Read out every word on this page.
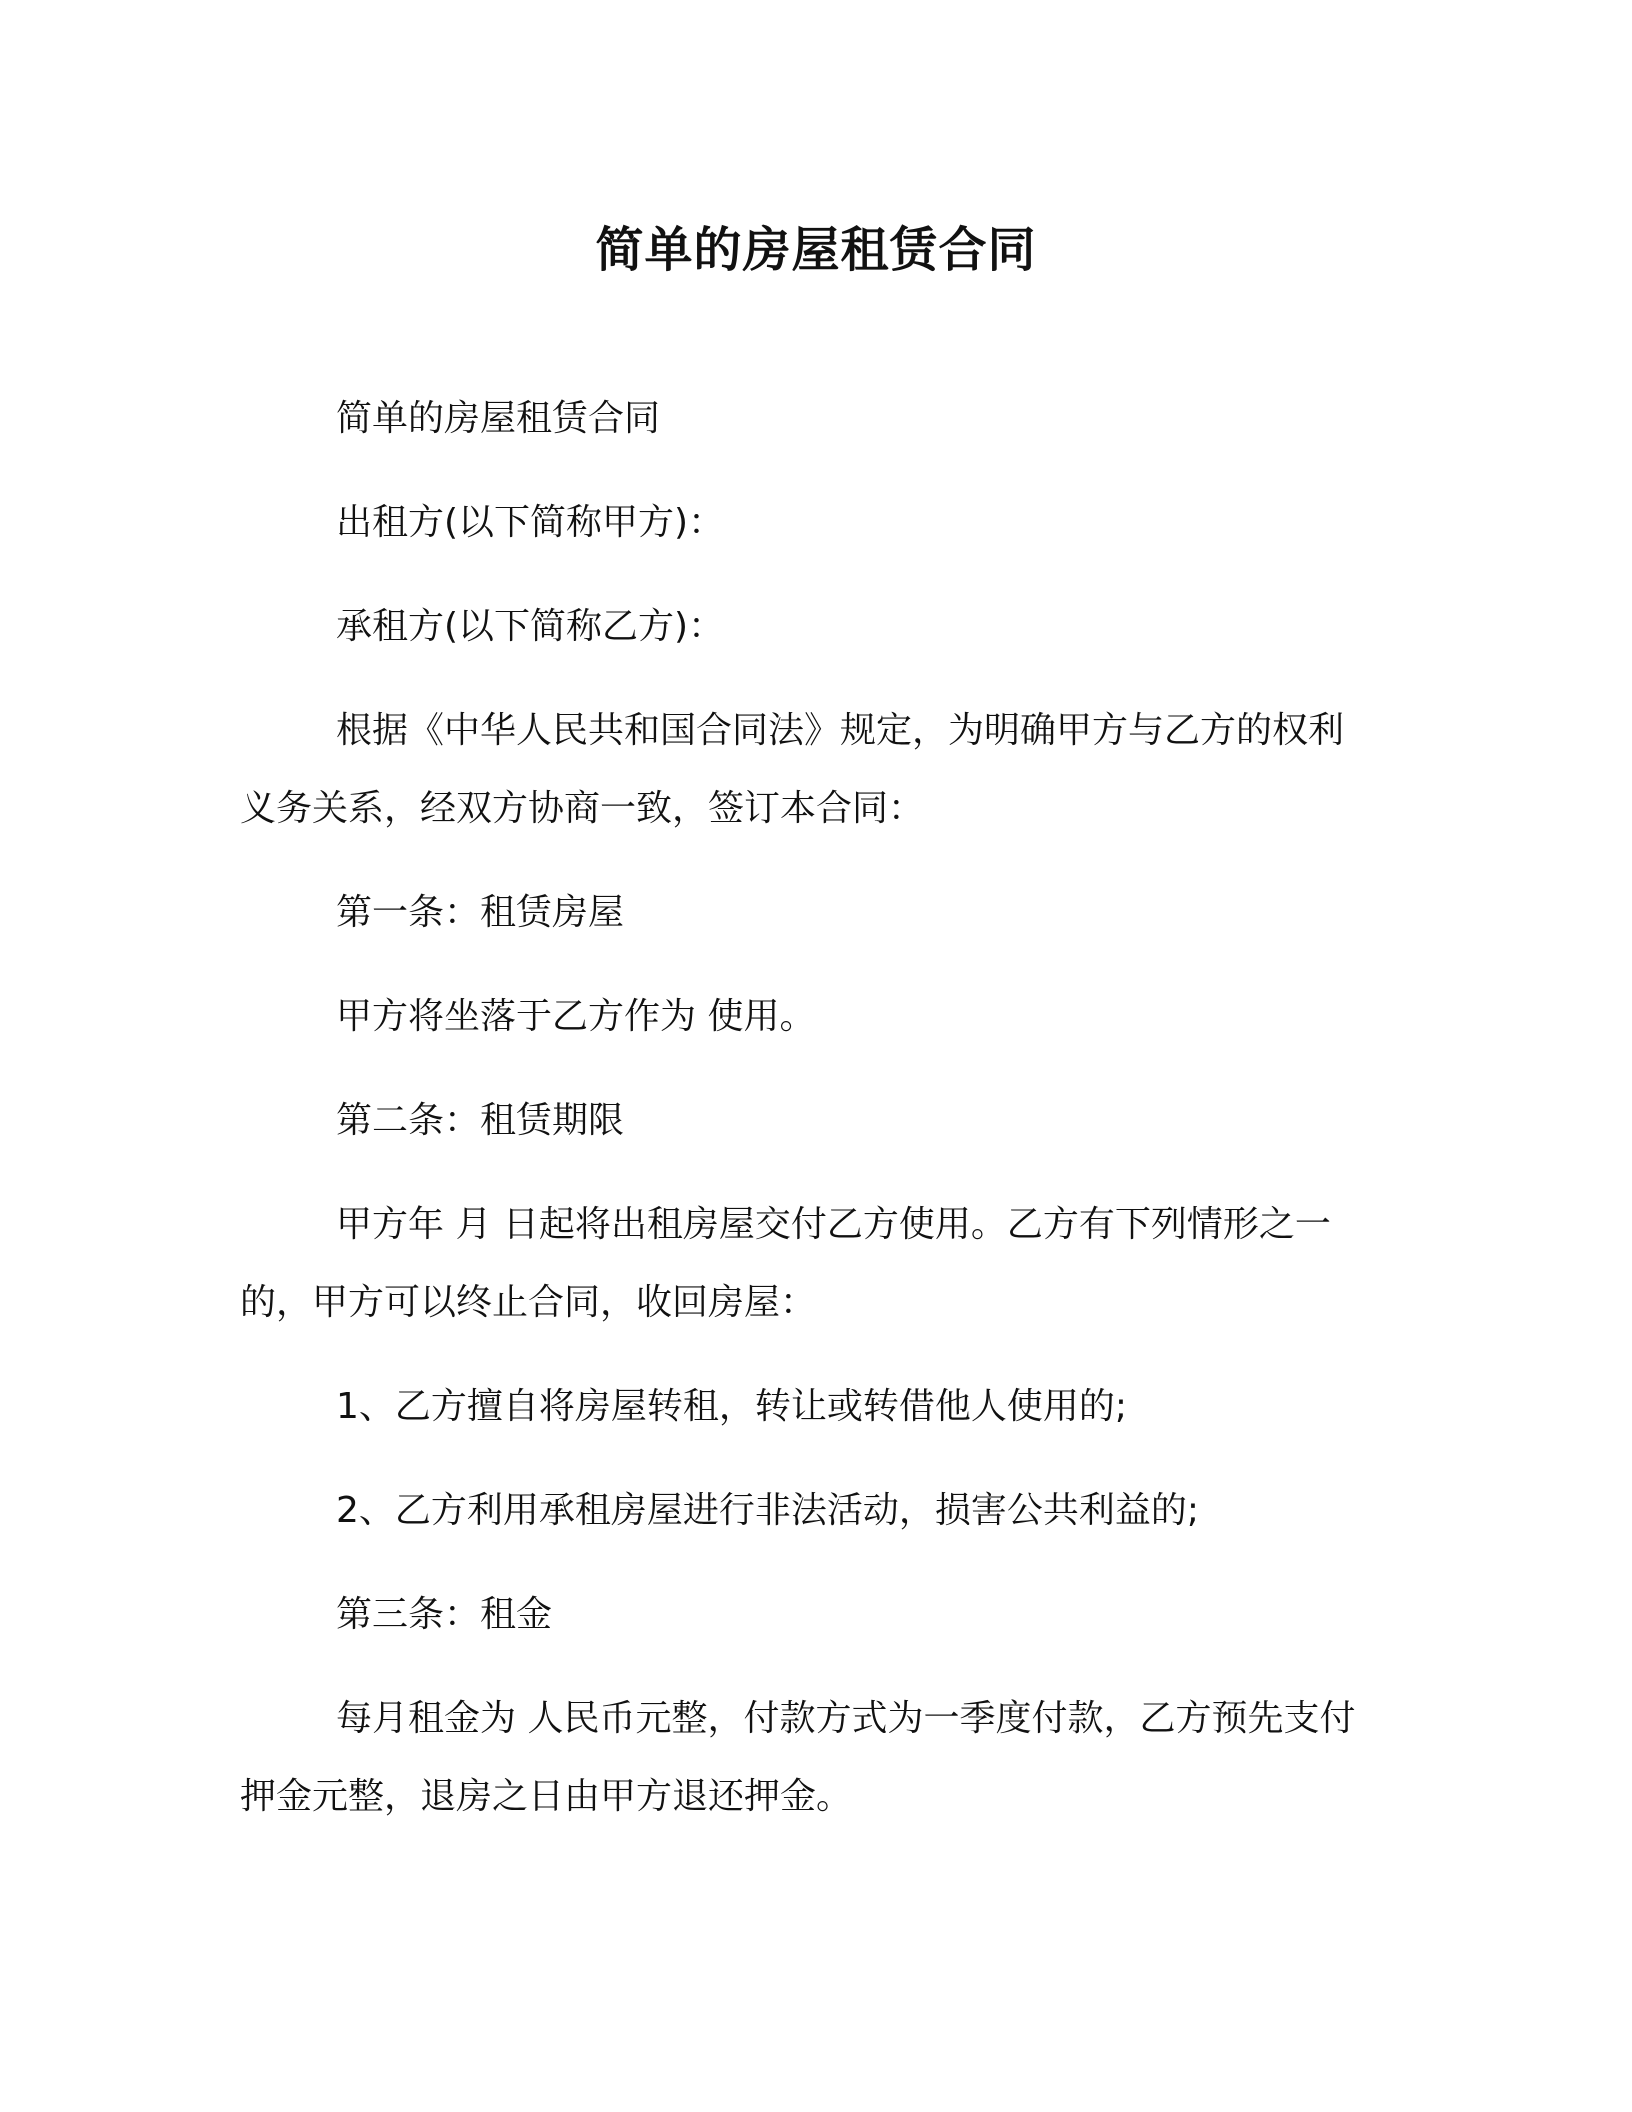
简单的房屋租赁合同
简单的房屋租赁合同
出租方(以下简称甲方)：
承租方(以下简称乙方)：
根据《中华人民共和国合同法》规定，为明确甲方与乙方的权利
义务关系，经双方协商一致，签订本合同：
第一条：租赁房屋
甲方将坐落于乙方作为 使用。
第二条：租赁期限
甲方年 月 日起将出租房屋交付乙方使用。乙方有下列情形之一
的，甲方可以终止合同，收回房屋：
1、乙方擅自将房屋转租，转让或转借他人使用的;
2、乙方利用承租房屋进行非法活动，损害公共利益的;
第三条：租金
每月租金为 人民币元整，付款方式为一季度付款，乙方预先支付
押金元整，退房之日由甲方退还押金。
